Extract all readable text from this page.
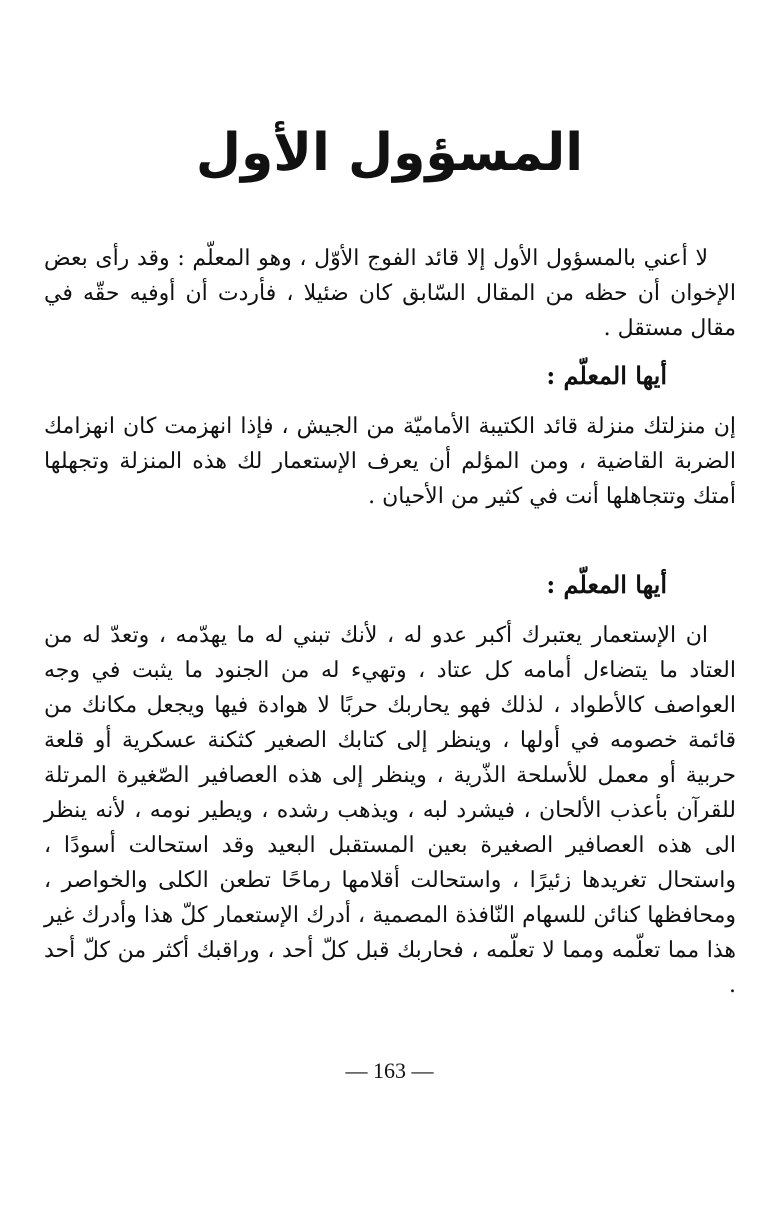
المسؤول الأول
لا أعني بالمسؤول الأول إلا قائد الفوج الأوّل ، وهو المعلّم : وقد رأى بعض الإخوان أن حظه من المقال السّابق كان ضئيلا ، فأردت أن أوفيه حقّه في مقال مستقل .
أيها المعلّم :
إن منزلتك منزلة قائد الكتيبة الأماميّة من الجيش ، فإذا انهزمت كان انهزامك الضربة القاضية ، ومن المؤلم أن يعرف الإستعمار لك هذه المنزلة وتجهلها أمتك وتتجاهلها أنت في كثير من الأحيان .
أيها المعلّم :
ان الإستعمار يعتبرك أكبر عدو له ، لأنك تبني له ما يهدّمه ، وتعدّ له من العتاد ما يتضاءل أمامه كل عتاد ، وتهيء له من الجنود ما يثبت في وجه العواصف كالأطواد ، لذلك فهو يحاربك حربًا لا هوادة فيها ويجعل مكانك من قائمة خصومه في أولها ، وينظر إلى كتابك الصغير كثكنة عسكرية أو قلعة حربية أو معمل للأسلحة الذّرية ، وينظر إلى هذه العصافير الصّغيرة المرتلة للقرآن بأعذب الألحان ، فيشرد لبه ، ويذهب رشده ، ويطير نومه ، لأنه ينظر الى هذه العصافير الصغيرة بعين المستقبل البعيد وقد استحالت أسودًا ، واستحال تغريدها زئيرًا ، واستحالت أقلامها رماحًا تطعن الكلى والخواصر ، ومحافظها كنائن للسهام النّافذة المصمية ، أدرك الإستعمار كلّ هذا وأدرك غير هذا مما تعلّمه ومما لا تعلّمه ، فحاربك قبل كلّ أحد ، وراقبك أكثر من كلّ أحد .
— 163 —
